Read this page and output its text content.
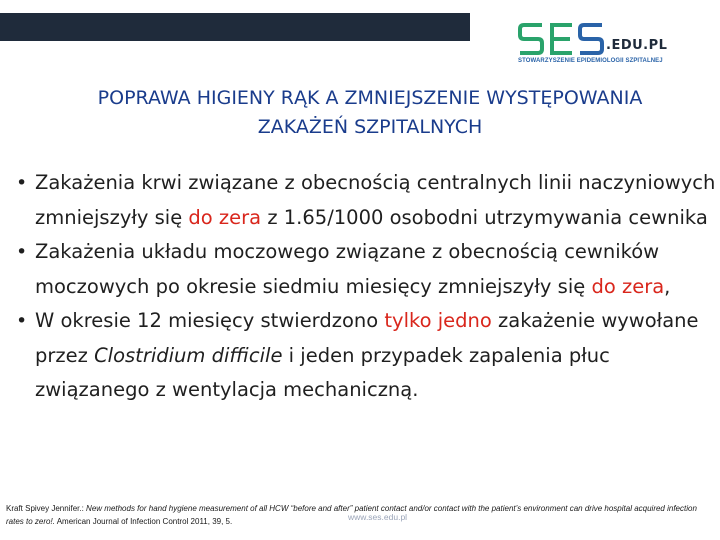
.EDU.PL
STOWARZYSZENIE EPIDEMIOLOGII SZPITALNEJ
POPRAWA HIGIENY RĄK A ZMNIEJSZENIE WYSTĘPOWANIA
ZAKAŻEŃ SZPITALNYCH
• Zakażenia krwi związane z obecnością centralnych linii naczyniowych zmniejszyły się do zera z 1.65/1000 osobodni utrzymywania cewnika
• Zakażenia układu moczowego związane z obecnością cewników moczowych po okresie siedmiu miesięcy zmniejszyły się do zera,
• W okresie 12 miesięcy stwierdzono tylko jedno zakażenie wywołane przez Clostridium difficile i jeden przypadek zapalenia płuc związanego z wentylacja mechaniczną.
Kraft Spivey Jennifer.: New methods for hand hygiene measurement of all HCW “before and after” patient contact and/or contact with the patient’s environment can drive hospital acquired infection rates to zero!. American Journal of Infection Control 2011, 39, 5.	www.ses.edu.pl
